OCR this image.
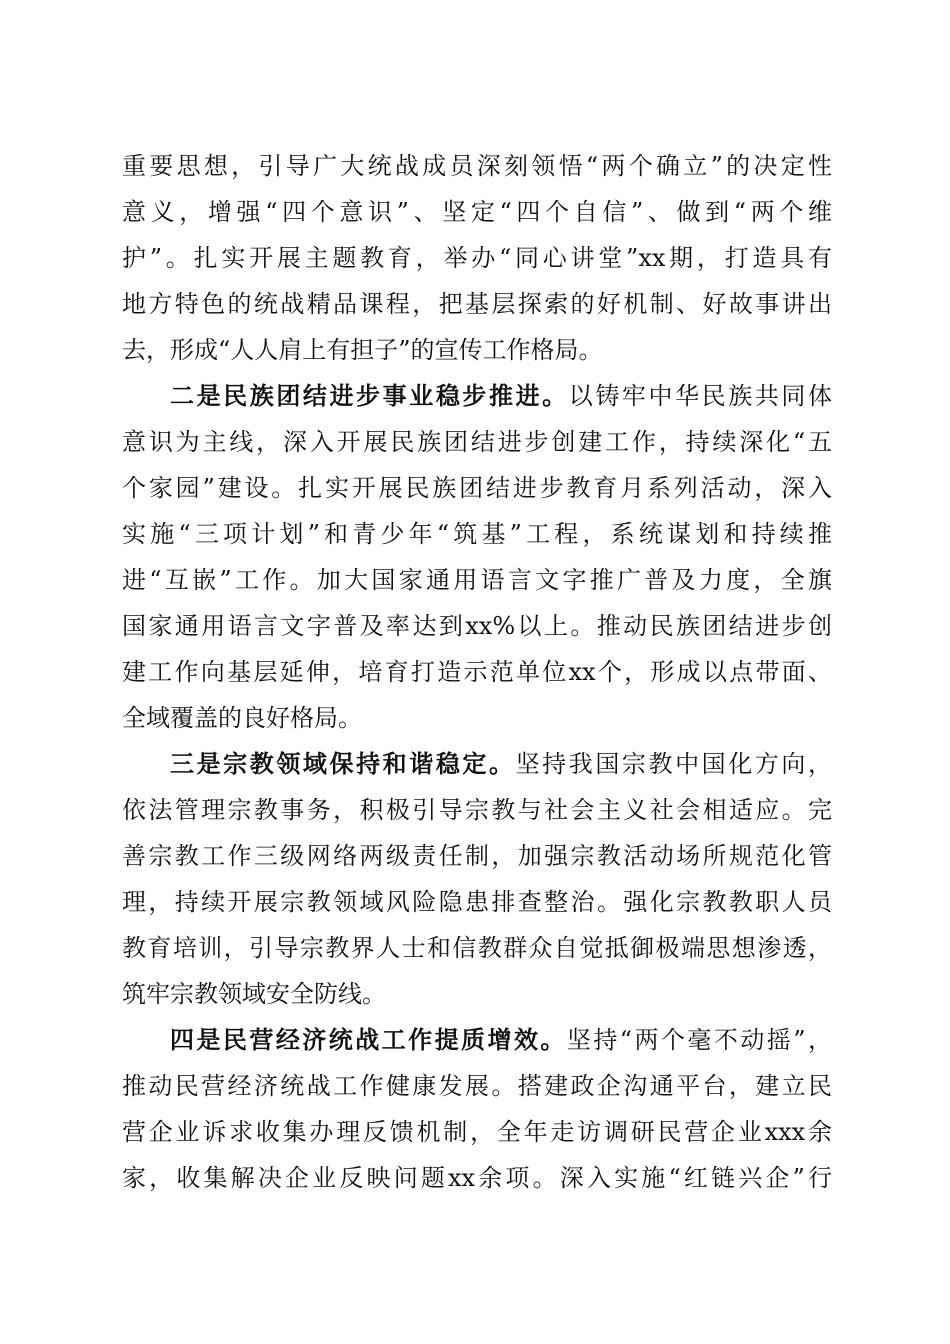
重要思想，引导广大统战成员深刻领悟“两个确立”的决定性
意义，增强“四个意识”、坚定“四个自信”、做到“两个维
护”。扎实开展主题教育，举办“同心讲堂”xx期，打造具有
地方特色的统战精品课程，把基层探索的好机制、好故事讲出
去，形成“人人肩上有担子”的宣传工作格局。
二是民族团结进步事业稳步推进。以铸牢中华民族共同体
意识为主线，深入开展民族团结进步创建工作，持续深化“五
个家园”建设。扎实开展民族团结进步教育月系列活动，深入
实施“三项计划”和青少年“筑基”工程，系统谋划和持续推
进“互嵌”工作。加大国家通用语言文字推广普及力度，全旗
国家通用语言文字普及率达到xx%以上。推动民族团结进步创
建工作向基层延伸，培育打造示范单位xx个，形成以点带面、
全域覆盖的良好格局。
三是宗教领域保持和谐稳定。坚持我国宗教中国化方向，
依法管理宗教事务，积极引导宗教与社会主义社会相适应。完
善宗教工作三级网络两级责任制，加强宗教活动场所规范化管
理，持续开展宗教领域风险隐患排查整治。强化宗教教职人员
教育培训，引导宗教界人士和信教群众自觉抵御极端思想渗透，
筑牢宗教领域安全防线。
四是民营经济统战工作提质增效。坚持“两个毫不动摇”，
推动民营经济统战工作健康发展。搭建政企沟通平台，建立民
营企业诉求收集办理反馈机制，全年走访调研民营企业xxx余
家，收集解决企业反映问题xx余项。深入实施“红链兴企”行
